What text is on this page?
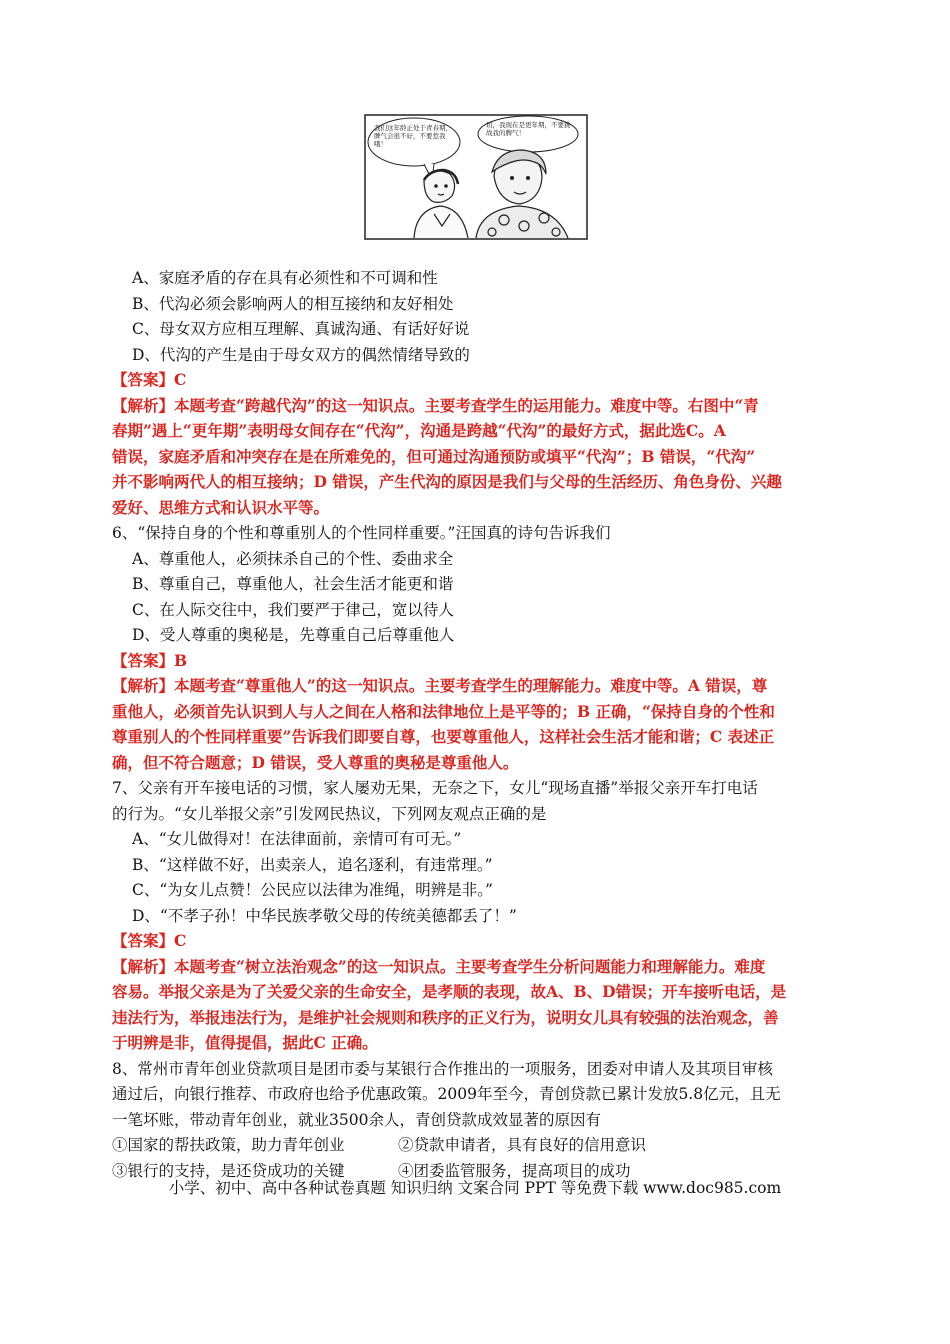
我们这年龄正处于青春期，脾气会很不好，不要惹我哦！
切，我现在是更年期，不要挑战我的脾气！
A、家庭矛盾的存在具有必须性和不可调和性
B、代沟必须会影响两人的相互接纳和友好相处
C、母女双方应相互理解、真诚沟通、有话好好说
D、代沟的产生是由于母女双方的偶然情绪导致的
【答案】C
【解析】本题考查“跨越代沟”的这一知识点。主要考查学生的运用能力。难度中等。右图中“青
春期”遇上“更年期”表明母女间存在“代沟”，沟通是跨越“代沟”的最好方式，据此选C。A
错误，家庭矛盾和冲突存在是在所难免的，但可通过沟通预防或填平“代沟”；B 错误，“代沟”
并不影响两代人的相互接纳；D 错误，产生代沟的原因是我们与父母的生活经历、角色身份、兴趣
爱好、思维方式和认识水平等。
6、“保持自身的个性和尊重别人的个性同样重要。”汪国真的诗句告诉我们
A、尊重他人，必须抹杀自己的个性、委曲求全
B、尊重自己，尊重他人，社会生活才能更和谐
C、在人际交往中，我们要严于律己，宽以待人
D、受人尊重的奥秘是，先尊重自己后尊重他人
【答案】B
【解析】本题考查“尊重他人”的这一知识点。主要考查学生的理解能力。难度中等。A 错误，尊
重他人，必须首先认识到人与人之间在人格和法律地位上是平等的；B 正确，“保持自身的个性和
尊重别人的个性同样重要”告诉我们即要自尊，也要尊重他人，这样社会生活才能和谐；C 表述正
确，但不符合题意；D 错误，受人尊重的奥秘是尊重他人。
7、父亲有开车接电话的习惯，家人屡劝无果，无奈之下，女儿“现场直播”举报父亲开车打电话
的行为。“女儿举报父亲”引发网民热议，下列网友观点正确的是
A、“女儿做得对！在法律面前，亲情可有可无。”
B、“这样做不好，出卖亲人，追名逐利，有违常理。”
C、“为女儿点赞！公民应以法律为准绳，明辨是非。”
D、“不孝子孙！中华民族孝敬父母的传统美德都丢了！”
【答案】C
【解析】本题考查“树立法治观念”的这一知识点。主要考查学生分析问题能力和理解能力。难度
容易。举报父亲是为了关爱父亲的生命安全，是孝顺的表现，故A、B、D错误；开车接听电话，是
违法行为，举报违法行为，是维护社会规则和秩序的正义行为，说明女儿具有较强的法治观念，善
于明辨是非，值得提倡，据此C 正确。
8、常州市青年创业贷款项目是团市委与某银行合作推出的一项服务，团委对申请人及其项目审核
通过后，向银行推荐、市政府也给予优惠政策。2009年至今，青创贷款已累计发放5.8亿元，且无
一笔坏账，带动青年创业，就业3500余人，青创贷款成效显著的原因有
①国家的帮扶政策，助力青年创业	②贷款申请者，具有良好的信用意识
③银行的支持，是还贷成功的关键	④团委监管服务，提高项目的成功
小学、初中、高中各种试卷真题 知识归纳 文案合同 PPT 等免费下载 www.doc985.com
